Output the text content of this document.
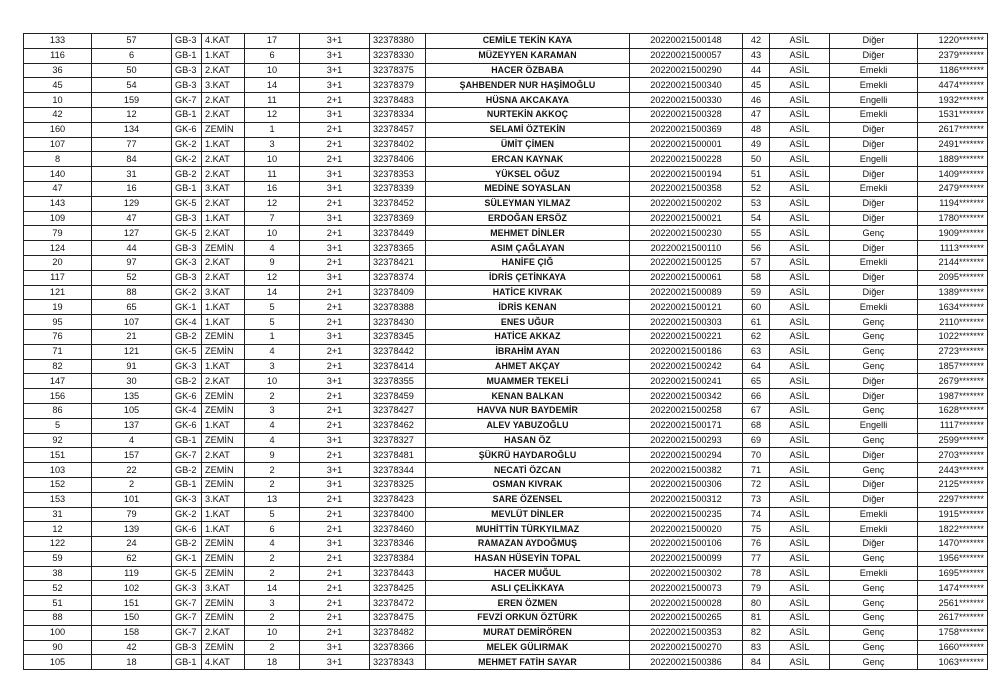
133	57	GB-3	4.KAT	17	3+1	32378380	CEMİLE TEKİN KAYA	20220021500148	42	ASİL	Diğer	1220*******
116	6	GB-1	1.KAT	6	3+1	32378330	MÜZEYYEN KARAMAN	20220021500057	43	ASİL	Diğer	2379*******
36	50	GB-3	2.KAT	10	3+1	32378375	HACER ÖZBABA	20220021500290	44	ASİL	Emekli	1186*******
45	54	GB-3	3.KAT	14	3+1	32378379	ŞAHBENDER NUR HAŞİMOĞLU	20220021500340	45	ASİL	Emekli	4474*******
10	159	GK-7	2.KAT	11	2+1	32378483	HÜSNA AKCAKAYA	20220021500330	46	ASİL	Engelli	1932*******
42	12	GB-1	2.KAT	12	3+1	32378334	NURTEKİN AKKOÇ	20220021500328	47	ASİL	Emekli	1531*******
160	134	GK-6	ZEMİN	1	2+1	32378457	SELAMİ ÖZTEKİN	20220021500369	48	ASİL	Diğer	2617*******
107	77	GK-2	1.KAT	3	2+1	32378402	ÜMİT ÇİMEN	20220021500001	49	ASİL	Diğer	2491*******
8	84	GK-2	2.KAT	10	2+1	32378406	ERCAN KAYNAK	20220021500228	50	ASİL	Engelli	1889*******
140	31	GB-2	2.KAT	11	3+1	32378353	YÜKSEL OĞUZ	20220021500194	51	ASİL	Diğer	1409*******
47	16	GB-1	3.KAT	16	3+1	32378339	MEDİNE SOYASLAN	20220021500358	52	ASİL	Emekli	2479*******
143	129	GK-5	2.KAT	12	2+1	32378452	SÜLEYMAN YILMAZ	20220021500202	53	ASİL	Diğer	1194*******
109	47	GB-3	1.KAT	7	3+1	32378369	ERDOĞAN ERSÖZ	20220021500021	54	ASİL	Diğer	1780*******
79	127	GK-5	2.KAT	10	2+1	32378449	MEHMET DİNLER	20220021500230	55	ASİL	Genç	1909*******
124	44	GB-3	ZEMİN	4	3+1	32378365	ASIM ÇAĞLAYAN	20220021500110	56	ASİL	Diğer	1113*******
20	97	GK-3	2.KAT	9	2+1	32378421	HANİFE ÇIĞ	20220021500125	57	ASİL	Emekli	2144*******
117	52	GB-3	2.KAT	12	3+1	32378374	İDRİS ÇETİNKAYA	20220021500061	58	ASİL	Diğer	2095*******
121	88	GK-2	3.KAT	14	2+1	32378409	HATİCE KIVRAK	20220021500089	59	ASİL	Diğer	1389*******
19	65	GK-1	1.KAT	5	2+1	32378388	İDRİS KENAN	20220021500121	60	ASİL	Emekli	1634*******
95	107	GK-4	1.KAT	5	2+1	32378430	ENES UĞUR	20220021500303	61	ASİL	Genç	2110*******
76	21	GB-2	ZEMİN	1	3+1	32378345	HATİCE AKKAZ	20220021500221	62	ASİL	Genç	1022*******
71	121	GK-5	ZEMİN	4	2+1	32378442	İBRAHİM AYAN	20220021500186	63	ASİL	Genç	2723*******
82	91	GK-3	1.KAT	3	2+1	32378414	AHMET AKÇAY	20220021500242	64	ASİL	Genç	1857*******
147	30	GB-2	2.KAT	10	3+1	32378355	MUAMMER TEKELİ	20220021500241	65	ASİL	Diğer	2679*******
156	135	GK-6	ZEMİN	2	2+1	32378459	KENAN BALKAN	20220021500342	66	ASİL	Diğer	1987*******
86	105	GK-4	ZEMİN	3	2+1	32378427	HAVVA NUR BAYDEMİR	20220021500258	67	ASİL	Genç	1628*******
5	137	GK-6	1.KAT	4	2+1	32378462	ALEV YABUZOĞLU	20220021500171	68	ASİL	Engelli	1117*******
92	4	GB-1	ZEMİN	4	3+1	32378327	HASAN ÖZ	20220021500293	69	ASİL	Genç	2599*******
151	157	GK-7	2.KAT	9	2+1	32378481	ŞÜKRÜ HAYDAROĞLU	20220021500294	70	ASİL	Diğer	2703*******
103	22	GB-2	ZEMİN	2	3+1	32378344	NECATİ ÖZCAN	20220021500382	71	ASİL	Genç	2443*******
152	2	GB-1	ZEMİN	2	3+1	32378325	OSMAN KIVRAK	20220021500306	72	ASİL	Diğer	2125*******
153	101	GK-3	3.KAT	13	2+1	32378423	SARE ÖZENSEL	20220021500312	73	ASİL	Diğer	2297*******
31	79	GK-2	1.KAT	5	2+1	32378400	MEVLÜT DİNLER	20220021500235	74	ASİL	Emekli	1915*******
12	139	GK-6	1.KAT	6	2+1	32378460	MUHİTTİN TÜRKYILMAZ	20220021500020	75	ASİL	Emekli	1822*******
122	24	GB-2	ZEMİN	4	3+1	32378346	RAMAZAN AYDOĞMUŞ	20220021500106	76	ASİL	Diğer	1470*******
59	62	GK-1	ZEMİN	2	2+1	32378384	HASAN HÜSEYİN TOPAL	20220021500099	77	ASİL	Genç	1956*******
38	119	GK-5	ZEMİN	2	2+1	32378443	HACER MUĞUL	20220021500302	78	ASİL	Emekli	1695*******
52	102	GK-3	3.KAT	14	2+1	32378425	ASLI ÇELİKKAYA	20220021500073	79	ASİL	Genç	1474*******
51	151	GK-7	ZEMİN	3	2+1	32378472	EREN ÖZMEN	20220021500028	80	ASİL	Genç	2561*******
88	150	GK-7	ZEMİN	2	2+1	32378475	FEVZİ ORKUN ÖZTÜRK	20220021500265	81	ASİL	Genç	2617*******
100	158	GK-7	2.KAT	10	2+1	32378482	MURAT DEMİRÖREN	20220021500353	82	ASİL	Genç	1758*******
90	42	GB-3	ZEMİN	2	3+1	32378366	MELEK GÜLIRMAK	20220021500270	83	ASİL	Genç	1660*******
105	18	GB-1	4.KAT	18	3+1	32378343	MEHMET FATİH SAYAR	20220021500386	84	ASİL	Genç	1063*******
